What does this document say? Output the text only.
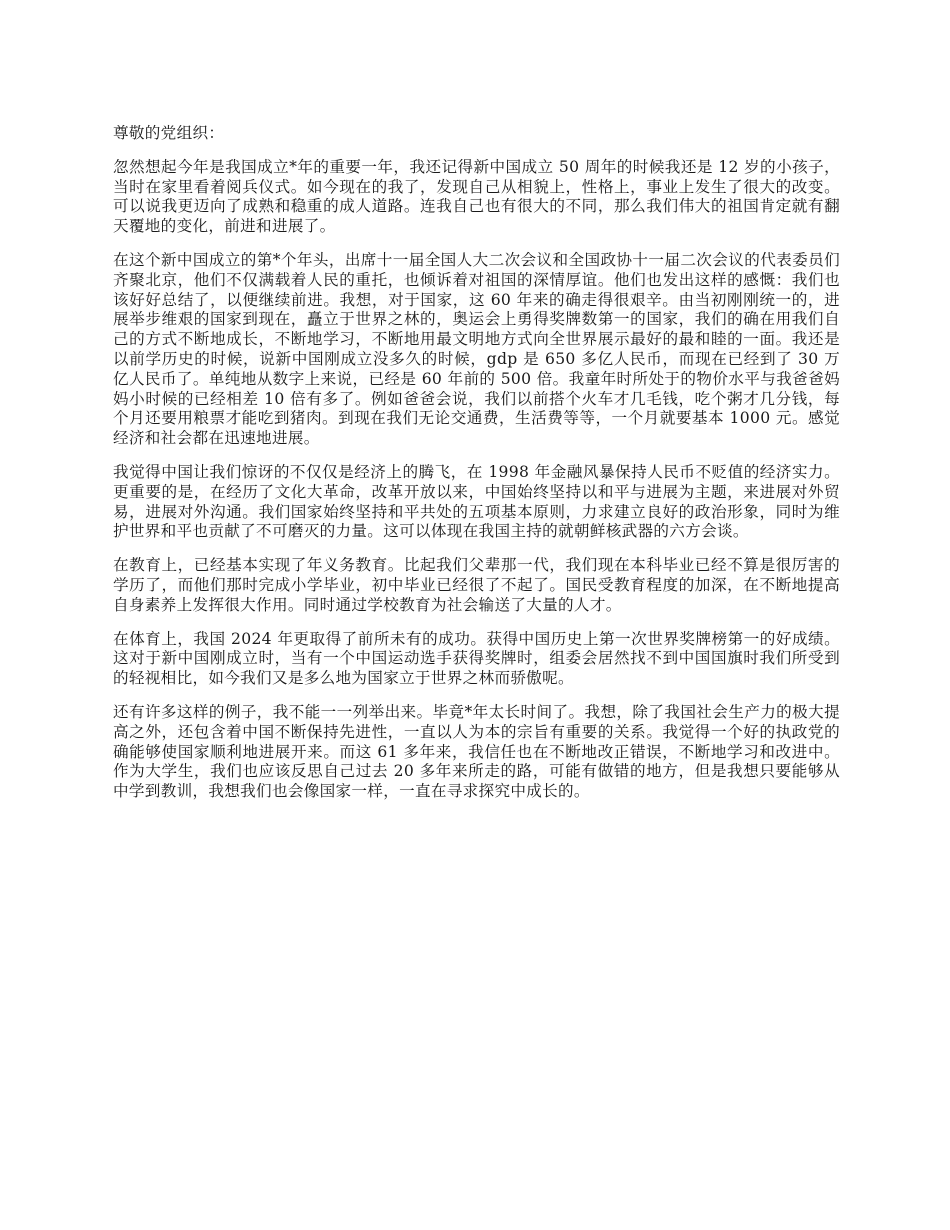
尊敬的党组织：

忽然想起今年是我国成立*年的重要一年，我还记得新中国成立 50 周年的时候我还是 12 岁的小孩子，当时在家里看着阅兵仪式。如今现在的我了，发现自己从相貌上，性格上，事业上发生了很大的改变。可以说我更迈向了成熟和稳重的成人道路。连我自己也有很大的不同，那么我们伟大的祖国肯定就有翻天覆地的变化，前进和进展了。

在这个新中国成立的第*个年头，出席十一届全国人大二次会议和全国政协十一届二次会议的代表委员们齐聚北京，他们不仅满载着人民的重托，也倾诉着对祖国的深情厚谊。他们也发出这样的感慨：我们也该好好总结了，以便继续前进。我想，对于国家，这 60 年来的确走得很艰辛。由当初刚刚统一的，进展举步维艰的国家到现在，矗立于世界之林的，奥运会上勇得奖牌数第一的国家，我们的确在用我们自己的方式不断地成长，不断地学习，不断地用最文明地方式向全世界展示最好的最和睦的一面。我还是以前学历史的时候，说新中国刚成立没多久的时候，gdp 是 650 多亿人民币，而现在已经到了 30 万亿人民币了。单纯地从数字上来说，已经是 60 年前的 500 倍。我童年时所处于的物价水平与我爸爸妈妈小时候的已经相差 10 倍有多了。例如爸爸会说，我们以前搭个火车才几毛钱，吃个粥才几分钱，每个月还要用粮票才能吃到猪肉。到现在我们无论交通费，生活费等等，一个月就要基本 1000 元。感觉经济和社会都在迅速地进展。

我觉得中国让我们惊讶的不仅仅是经济上的腾飞，在 1998 年金融风暴保持人民币不贬值的经济实力。更重要的是，在经历了文化大革命，改革开放以来，中国始终坚持以和平与进展为主题，来进展对外贸易，进展对外沟通。我们国家始终坚持和平共处的五项基本原则，力求建立良好的政治形象，同时为维护世界和平也贡献了不可磨灭的力量。这可以体现在我国主持的就朝鲜核武器的六方会谈。

在教育上，已经基本实现了年义务教育。比起我们父辈那一代，我们现在本科毕业已经不算是很厉害的学历了，而他们那时完成小学毕业，初中毕业已经很了不起了。国民受教育程度的加深，在不断地提高自身素养上发挥很大作用。同时通过学校教育为社会输送了大量的人才。

在体育上，我国 2024 年更取得了前所未有的成功。获得中国历史上第一次世界奖牌榜第一的好成绩。这对于新中国刚成立时，当有一个中国运动选手获得奖牌时，组委会居然找不到中国国旗时我们所受到的轻视相比，如今我们又是多么地为国家立于世界之林而骄傲呢。

还有许多这样的例子，我不能一一列举出来。毕竟*年太长时间了。我想，除了我国社会生产力的极大提高之外，还包含着中国不断保持先进性，一直以人为本的宗旨有重要的关系。我觉得一个好的执政党的确能够使国家顺利地进展开来。而这 61 多年来，我信任也在不断地改正错误，不断地学习和改进中。作为大学生，我们也应该反思自己过去 20 多年来所走的路，可能有做错的地方，但是我想只要能够从中学到教训，我想我们也会像国家一样，一直在寻求探究中成长的。
